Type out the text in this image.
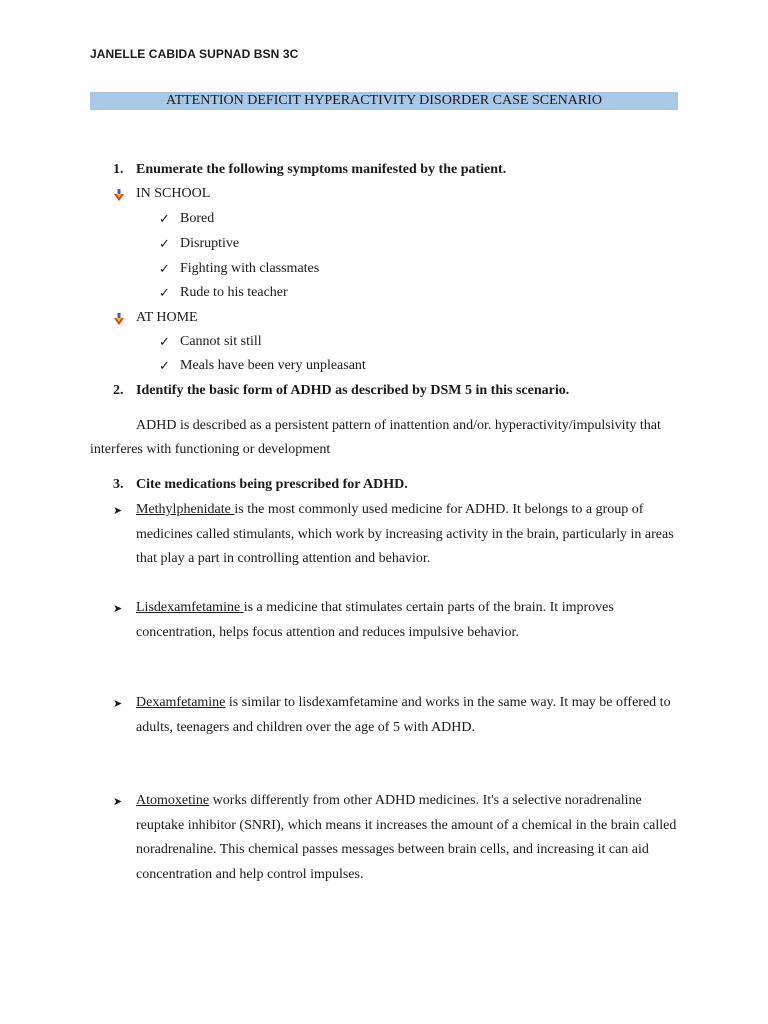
JANELLE CABIDA SUPNAD BSN 3C
ATTENTION DEFICIT HYPERACTIVITY DISORDER CASE SCENARIO
1. Enumerate the following symptoms manifested by the patient.
IN SCHOOL
✓ Bored
✓ Disruptive
✓ Fighting with classmates
✓ Rude to his teacher
AT HOME
✓ Cannot sit still
✓ Meals have been very unpleasant
2. Identify the basic form of ADHD as described by DSM 5 in this scenario.
ADHD is described as a persistent pattern of inattention and/or. hyperactivity/impulsivity that
interferes with functioning or development
3. Cite medications being prescribed for ADHD.
➤ Methylphenidate is the most commonly used medicine for ADHD. It belongs to a group of
medicines called stimulants, which work by increasing activity in the brain, particularly in areas
that play a part in controlling attention and behavior.
➤ Lisdexamfetamine is a medicine that stimulates certain parts of the brain. It improves
concentration, helps focus attention and reduces impulsive behavior.
➤ Dexamfetamine is similar to lisdexamfetamine and works in the same way. It may be offered to
adults, teenagers and children over the age of 5 with ADHD.
➤ Atomoxetine works differently from other ADHD medicines. It's a selective noradrenaline
reuptake inhibitor (SNRI), which means it increases the amount of a chemical in the brain called
noradrenaline. This chemical passes messages between brain cells, and increasing it can aid
concentration and help control impulses.
